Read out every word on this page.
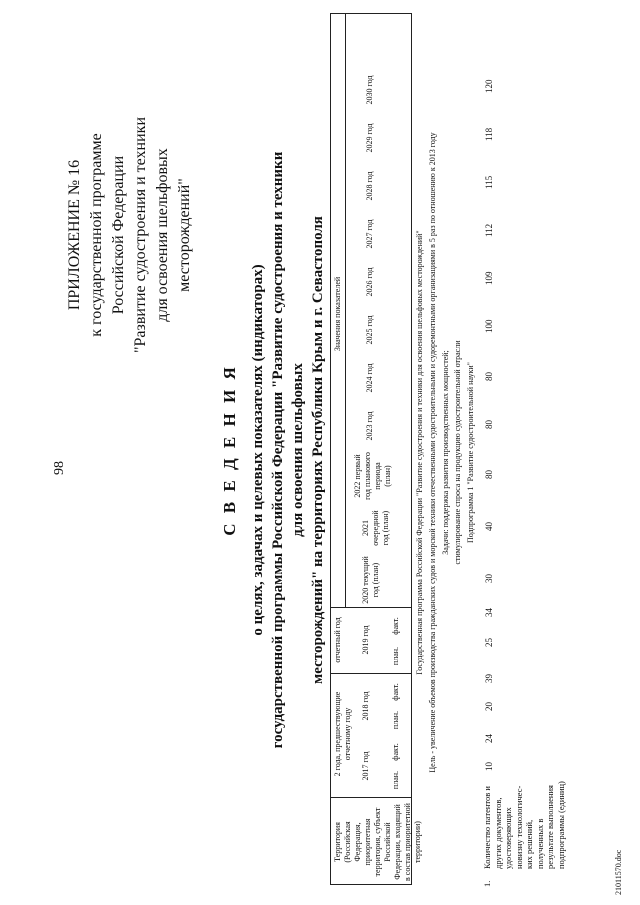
98
ПРИЛОЖЕНИЕ № 16 к государственной программе Российской Федерации "Развитие судостроения и техники для освоения шельфовых месторождений"
С В Е Д Е Н И Я о целях, задачах и целевых показателях (индикаторах) государственной программы Российской Федерации "Развитие судостроения и техники для освоения шельфовых месторождений" на территориях Республики Крым и г. Севастополя
Территория (Российская Федерация, приоритетная территория, субъект Российской Федерации, входящий в состав приоритетной территории)
2 года, предшествующие отчетному году
2017 год
2018 год
план.
факт.
план.
факт.
отчетный год 2019 год
план.
факт.
Значения показателей
2020 текущий год (план)
2021 очередной год (план)
2022 первый год планового периода (план)
2023 год
2024 год
2025 год
2026 год
2027 год
2028 год
2029 год
2030 год
Государственная программа Российской Федерации "Развитие судостроения и техники для освоения шельфовых месторождений" Цель - увеличение объемов производства гражданских судов и морской техники отечественными судостроительными и судоремонтными организациями в 5 раз по отношению к 2013 году Задачи: поддержка развития производственных мощностей; стимулирование спроса на продукцию судостроительной отрасли Подпрограмма 1 "Развитие судостроительной науки"
1.
Количество патентов и других документов, удостоверяющих новизну технологичес-ких решений, полученных в результате выполнения подпрограммы (единиц)
10
24
20
39
25
34
30
40
80
80
80
100
109
112
115
118
120
21011570.doc
